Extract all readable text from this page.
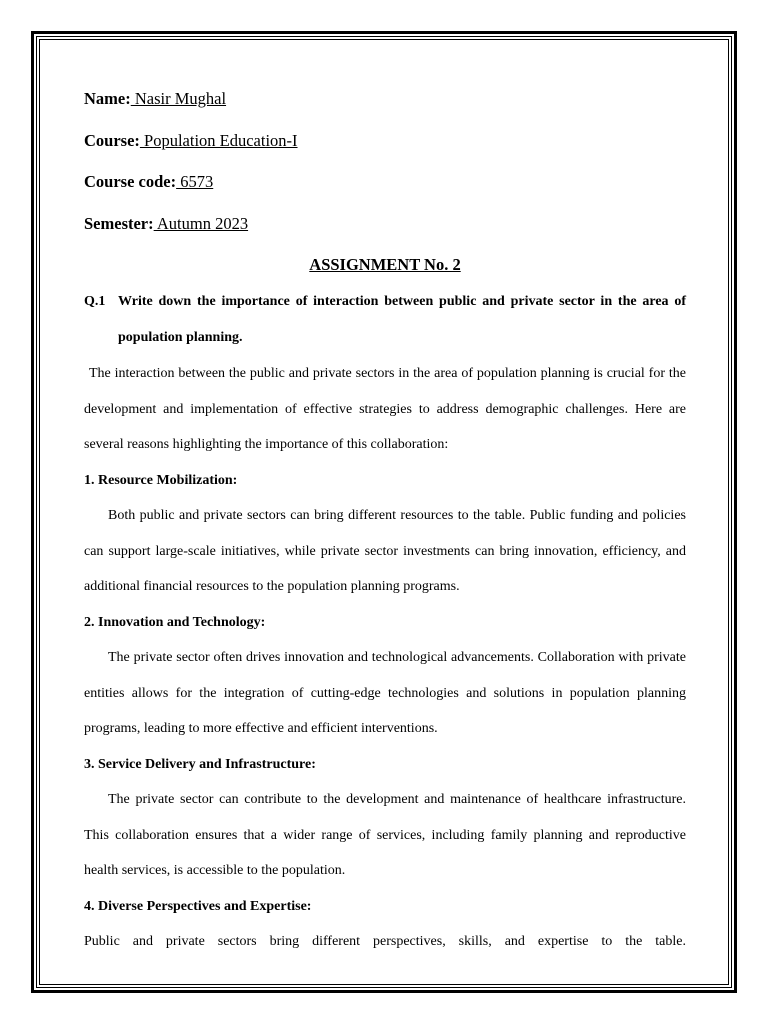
Name: Nasir Mughal
Course: Population Education-I
Course code: 6573
Semester: Autumn 2023
ASSIGNMENT No. 2
Q.1 Write down the importance of interaction between public and private sector in the area of population planning.

The interaction between the public and private sectors in the area of population planning is crucial for the development and implementation of effective strategies to address demographic challenges. Here are several reasons highlighting the importance of this collaboration:

1. Resource Mobilization:

Both public and private sectors can bring different resources to the table. Public funding and policies can support large-scale initiatives, while private sector investments can bring innovation, efficiency, and additional financial resources to the population planning programs.

2. Innovation and Technology:

The private sector often drives innovation and technological advancements. Collaboration with private entities allows for the integration of cutting-edge technologies and solutions in population planning programs, leading to more effective and efficient interventions.

3. Service Delivery and Infrastructure:

The private sector can contribute to the development and maintenance of healthcare infrastructure. This collaboration ensures that a wider range of services, including family planning and reproductive health services, is accessible to the population.

4. Diverse Perspectives and Expertise:

Public and private sectors bring different perspectives, skills, and expertise to the table.
